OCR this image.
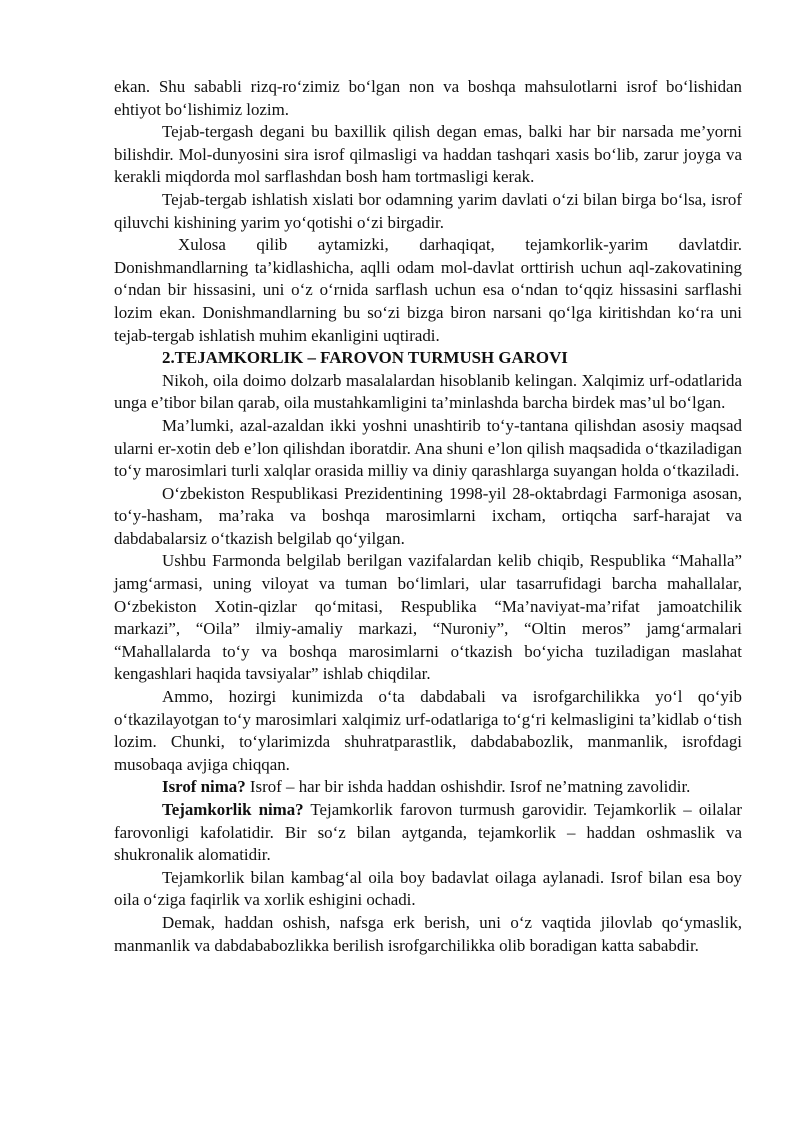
ekan. Shu sababli rizq-ro‘zimiz bo‘lgan non va boshqa mahsulotlarni isrof bo‘lishidan ehtiyot bo‘lishimiz lozim.

Tejab-tergash degani bu baxillik qilish degan emas, balki har bir narsada me’yorni bilishdir. Mol-dunyosini sira isrof qilmasligi va haddan tashqari xasis bo‘lib, zarur joyga va kerakli miqdorda mol sarflashdan bosh ham tortmasligi kerak.

Tejab-tergab ishlatish xislati bor odamning yarim davlati o‘zi bilan birga bo‘lsa, isrof qiluvchi kishining yarim yo‘qotishi o‘zi birgadir.

Xulosa qilib aytamizki, darhaqiqat, tejamkorlik-yarim davlatdir. Donishmandlarning ta’kidlashicha, aqlli odam mol-davlat orttirish uchun aql-zakovatining o‘ndan bir hissasini, uni o‘z o‘rnida sarflash uchun esa o‘ndan to‘qqiz hissasini sarflashi lozim ekan. Donishmandlarning bu so‘zi bizga biron narsani qo‘lga kiritishdan ko‘ra uni tejab-tergab ishlatish muhim ekanligini uqtiradi.

2.TEJAMKORLIK – FAROVON TURMUSH GAROVI

Nikoh, oila doimo dolzarb masalalardan hisoblanib kelingan. Xalqimiz urf-odatlarida unga e’tibor bilan qarab, oila mustahkamligini ta’minlashda barcha birdek mas’ul bo‘lgan.

Ma’lumki, azal-azaldan ikki yoshni unashtirib to‘y-tantana qilishdan asosiy maqsad ularni er-xotin deb e’lon qilishdan iboratdir. Ana shuni e’lon qilish maqsadida o‘tkaziladigan to‘y marosimlari turli xalqlar orasida milliy va diniy qarashlarga suyangan holda o‘tkaziladi.

O‘zbekiston Respublikasi Prezidentining 1998-yil 28-oktabrdagi Farmoniga asosan, to‘y-hasham, ma’raka va boshqa marosimlarni ixcham, ortiqcha sarf-harajat va dabdabalarsiz o‘tkazish belgilab qo‘yilgan.

Ushbu Farmonda belgilab berilgan vazifalardan kelib chiqib, Respublika “Mahalla” jamg‘armasi, uning viloyat va tuman bo‘limlari, ular tasarrufidagi barcha mahallalar, O‘zbekiston Xotin-qizlar qo‘mitasi, Respublika “Ma’naviyat-ma’rifat jamoatchilik markazi”, “Oila” ilmiy-amaliy markazi, “Nuroniy”, “Oltin meros” jamg‘armalari “Mahallalarda to‘y va boshqa marosimlarni o‘tkazish bo‘yicha tuziladigan maslahat kengashlari haqida tavsiyalar” ishlab chiqdilar.

Ammo, hozirgi kunimizda o‘ta dabdabali va isrofgarchilikka yo‘l qo‘yib o‘tkazilayotgan to‘y marosimlari xalqimiz urf-odatlariga to‘g‘ri kelmasligini ta’kidlab o‘tish lozim. Chunki, to‘ylarimizda shuhratparastlik, dabdababozlik, manmanlik, isrofdagi musobaqa avjiga chiqqan.

Isrof nima? Isrof – har bir ishda haddan oshishdir. Isrof ne’matning zavolidir.

Tejamkorlik nima? Tejamkorlik farovon turmush garovidir. Tejamkorlik – oilalar farovonligi kafolatidir. Bir so‘z bilan aytganda, tejamkorlik – haddan oshmaslik va shukronalik alomatidir.

Tejamkorlik bilan kambag‘al oila boy badavlat oilaga aylanadi. Isrof bilan esa boy oila o‘ziga faqirlik va xorlik eshigini ochadi.

Demak, haddan oshish, nafsga erk berish, uni o‘z vaqtida jilovlab qo‘ymaslik, manmanlik va dabdababozlikka berilish isrofgarchilikka olib boradigan katta sababdir.
